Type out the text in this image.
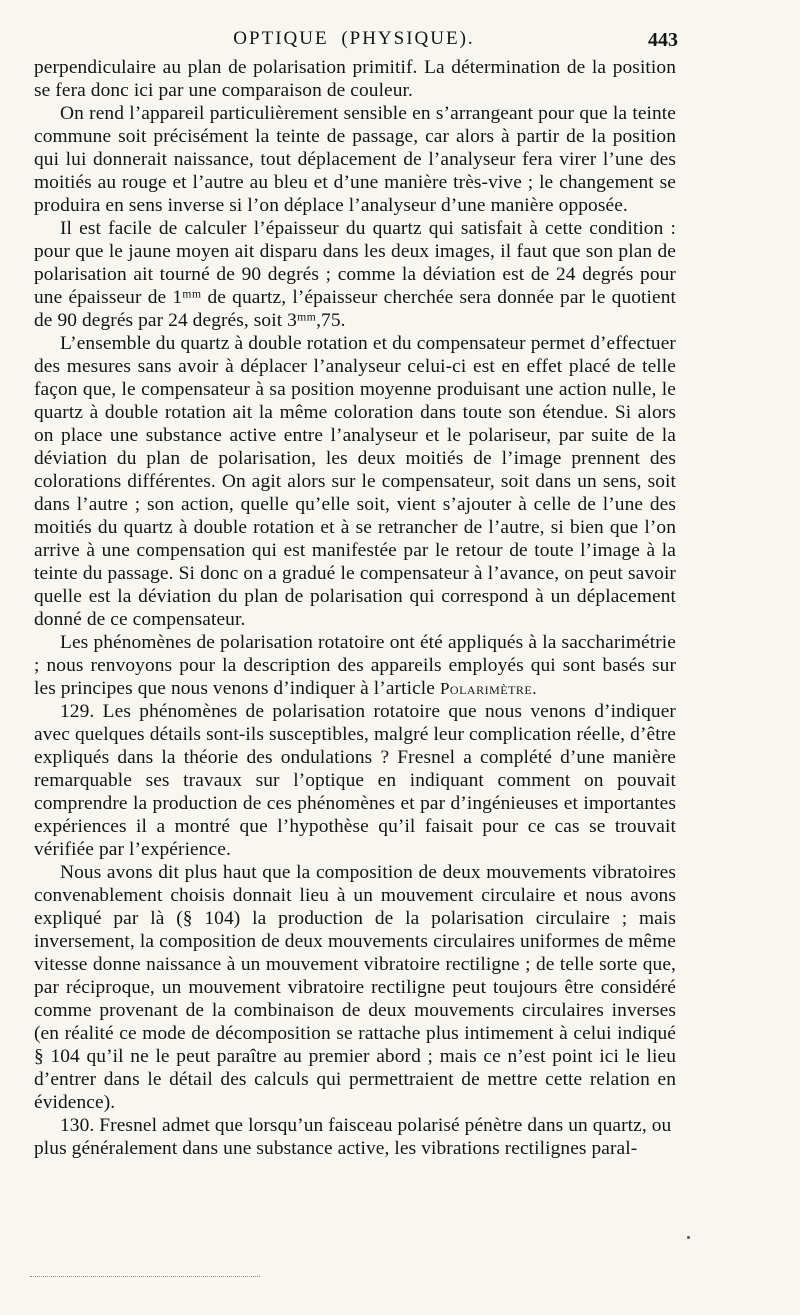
OPTIQUE (PHYSIQUE).	443

perpendiculaire au plan de polarisation primitif. La détermination de la position se fera donc ici par une comparaison de couleur.

On rend l’appareil particulièrement sensible en s’arrangeant pour que la teinte commune soit précisément la teinte de passage, car alors à partir de la position qui lui donnerait naissance, tout déplacement de l’analyseur fera virer l’une des moitiés au rouge et l’autre au bleu et d’une manière très-vive ; le changement se produira en sens inverse si l’on déplace l’analyseur d’une manière opposée.

Il est facile de calculer l’épaisseur du quartz qui satisfait à cette condition : pour que le jaune moyen ait disparu dans les deux images, il faut que son plan de polarisation ait tourné de 90 degrés ; comme la déviation est de 24 degrés pour une épaisseur de 1ᵐᵐ de quartz, l’épaisseur cherchée sera donnée par le quotient de 90 degrés par 24 degrés, soit 3ᵐᵐ,75.

L’ensemble du quartz à double rotation et du compensateur permet d’effectuer des mesures sans avoir à déplacer l’analyseur celui-ci est en effet placé de telle façon que, le compensateur à sa position moyenne produisant une action nulle, le quartz à double rotation ait la même coloration dans toute son étendue. Si alors on place une substance active entre l’analyseur et le polariseur, par suite de la déviation du plan de polarisation, les deux moitiés de l’image prennent des colorations différentes. On agit alors sur le compensateur, soit dans un sens, soit dans l’autre ; son action, quelle qu’elle soit, vient s’ajouter à celle de l’une des moitiés du quartz à double rotation et à se retrancher de l’autre, si bien que l’on arrive à une compensation qui est manifestée par le retour de toute l’image à la teinte du passage. Si donc on a gradué le compensateur à l’avance, on peut savoir quelle est la déviation du plan de polarisation qui correspond à un déplacement donné de ce compensateur.

Les phénomènes de polarisation rotatoire ont été appliqués à la saccharimétrie ; nous renvoyons pour la description des appareils employés qui sont basés sur les principes que nous venons d’indiquer à l’article Polarimètre.

129. Les phénomènes de polarisation rotatoire que nous venons d’indiquer avec quelques détails sont-ils susceptibles, malgré leur complication réelle, d’être expliqués dans la théorie des ondulations ? Fresnel a complété d’une manière remarquable ses travaux sur l’optique en indiquant comment on pouvait comprendre la production de ces phénomènes et par d’ingénieuses et importantes expériences il a montré que l’hypothèse qu’il faisait pour ce cas se trouvait vérifiée par l’expérience.

Nous avons dit plus haut que la composition de deux mouvements vibratoires convenablement choisis donnait lieu à un mouvement circulaire et nous avons expliqué par là (§ 104) la production de la polarisation circulaire ; mais inversement, la composition de deux mouvements circulaires uniformes de même vitesse donne naissance à un mouvement vibratoire rectiligne ; de telle sorte que, par réciproque, un mouvement vibratoire rectiligne peut toujours être considéré comme provenant de la combinaison de deux mouvements circulaires inverses (en réalité ce mode de décomposition se rattache plus intimement à celui indiqué § 104 qu’il ne le peut paraître au premier abord ; mais ce n’est point ici le lieu d’entrer dans le détail des calculs qui permettraient de mettre cette relation en évidence).

130. Fresnel admet que lorsqu’un faisceau polarisé pénètre dans un quartz, ou plus généralement dans une substance active, les vibrations rectilignes paral-
